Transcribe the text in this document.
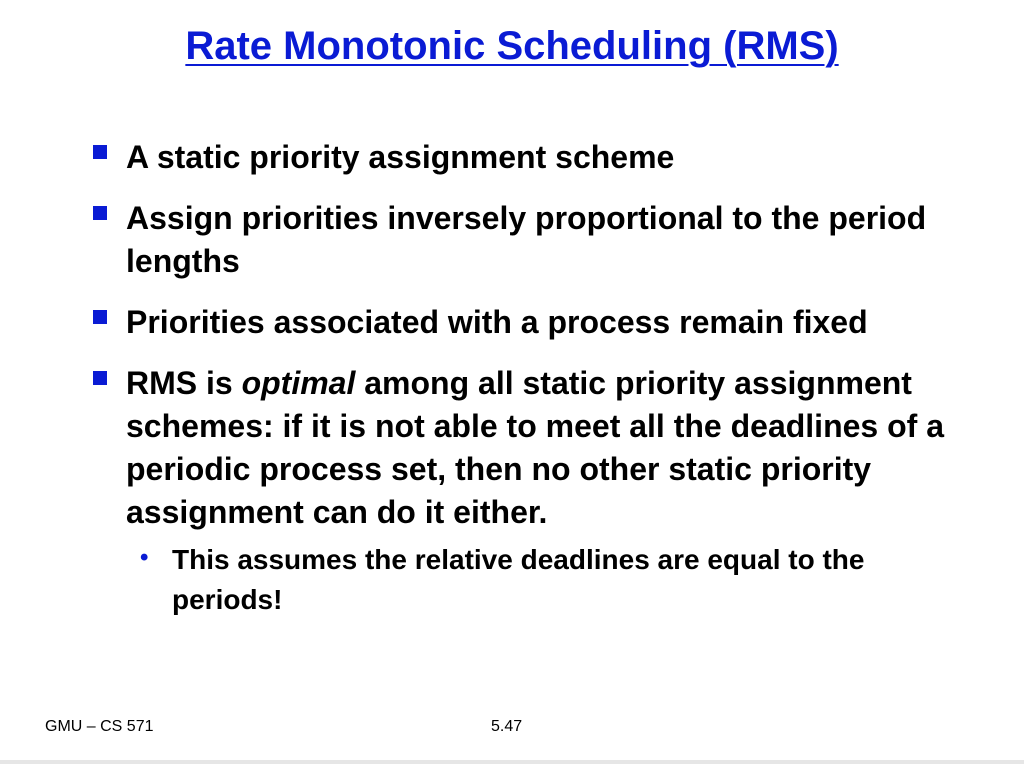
Rate Monotonic Scheduling (RMS)
A static priority assignment scheme
Assign priorities inversely proportional to the period lengths
Priorities associated with a process remain fixed
RMS is optimal among all static priority assignment schemes: if it is not able to meet all the deadlines of a periodic process set, then no other static priority assignment can do it either.
• This assumes the relative deadlines are equal to the periods!
GMU – CS 571	5.47
